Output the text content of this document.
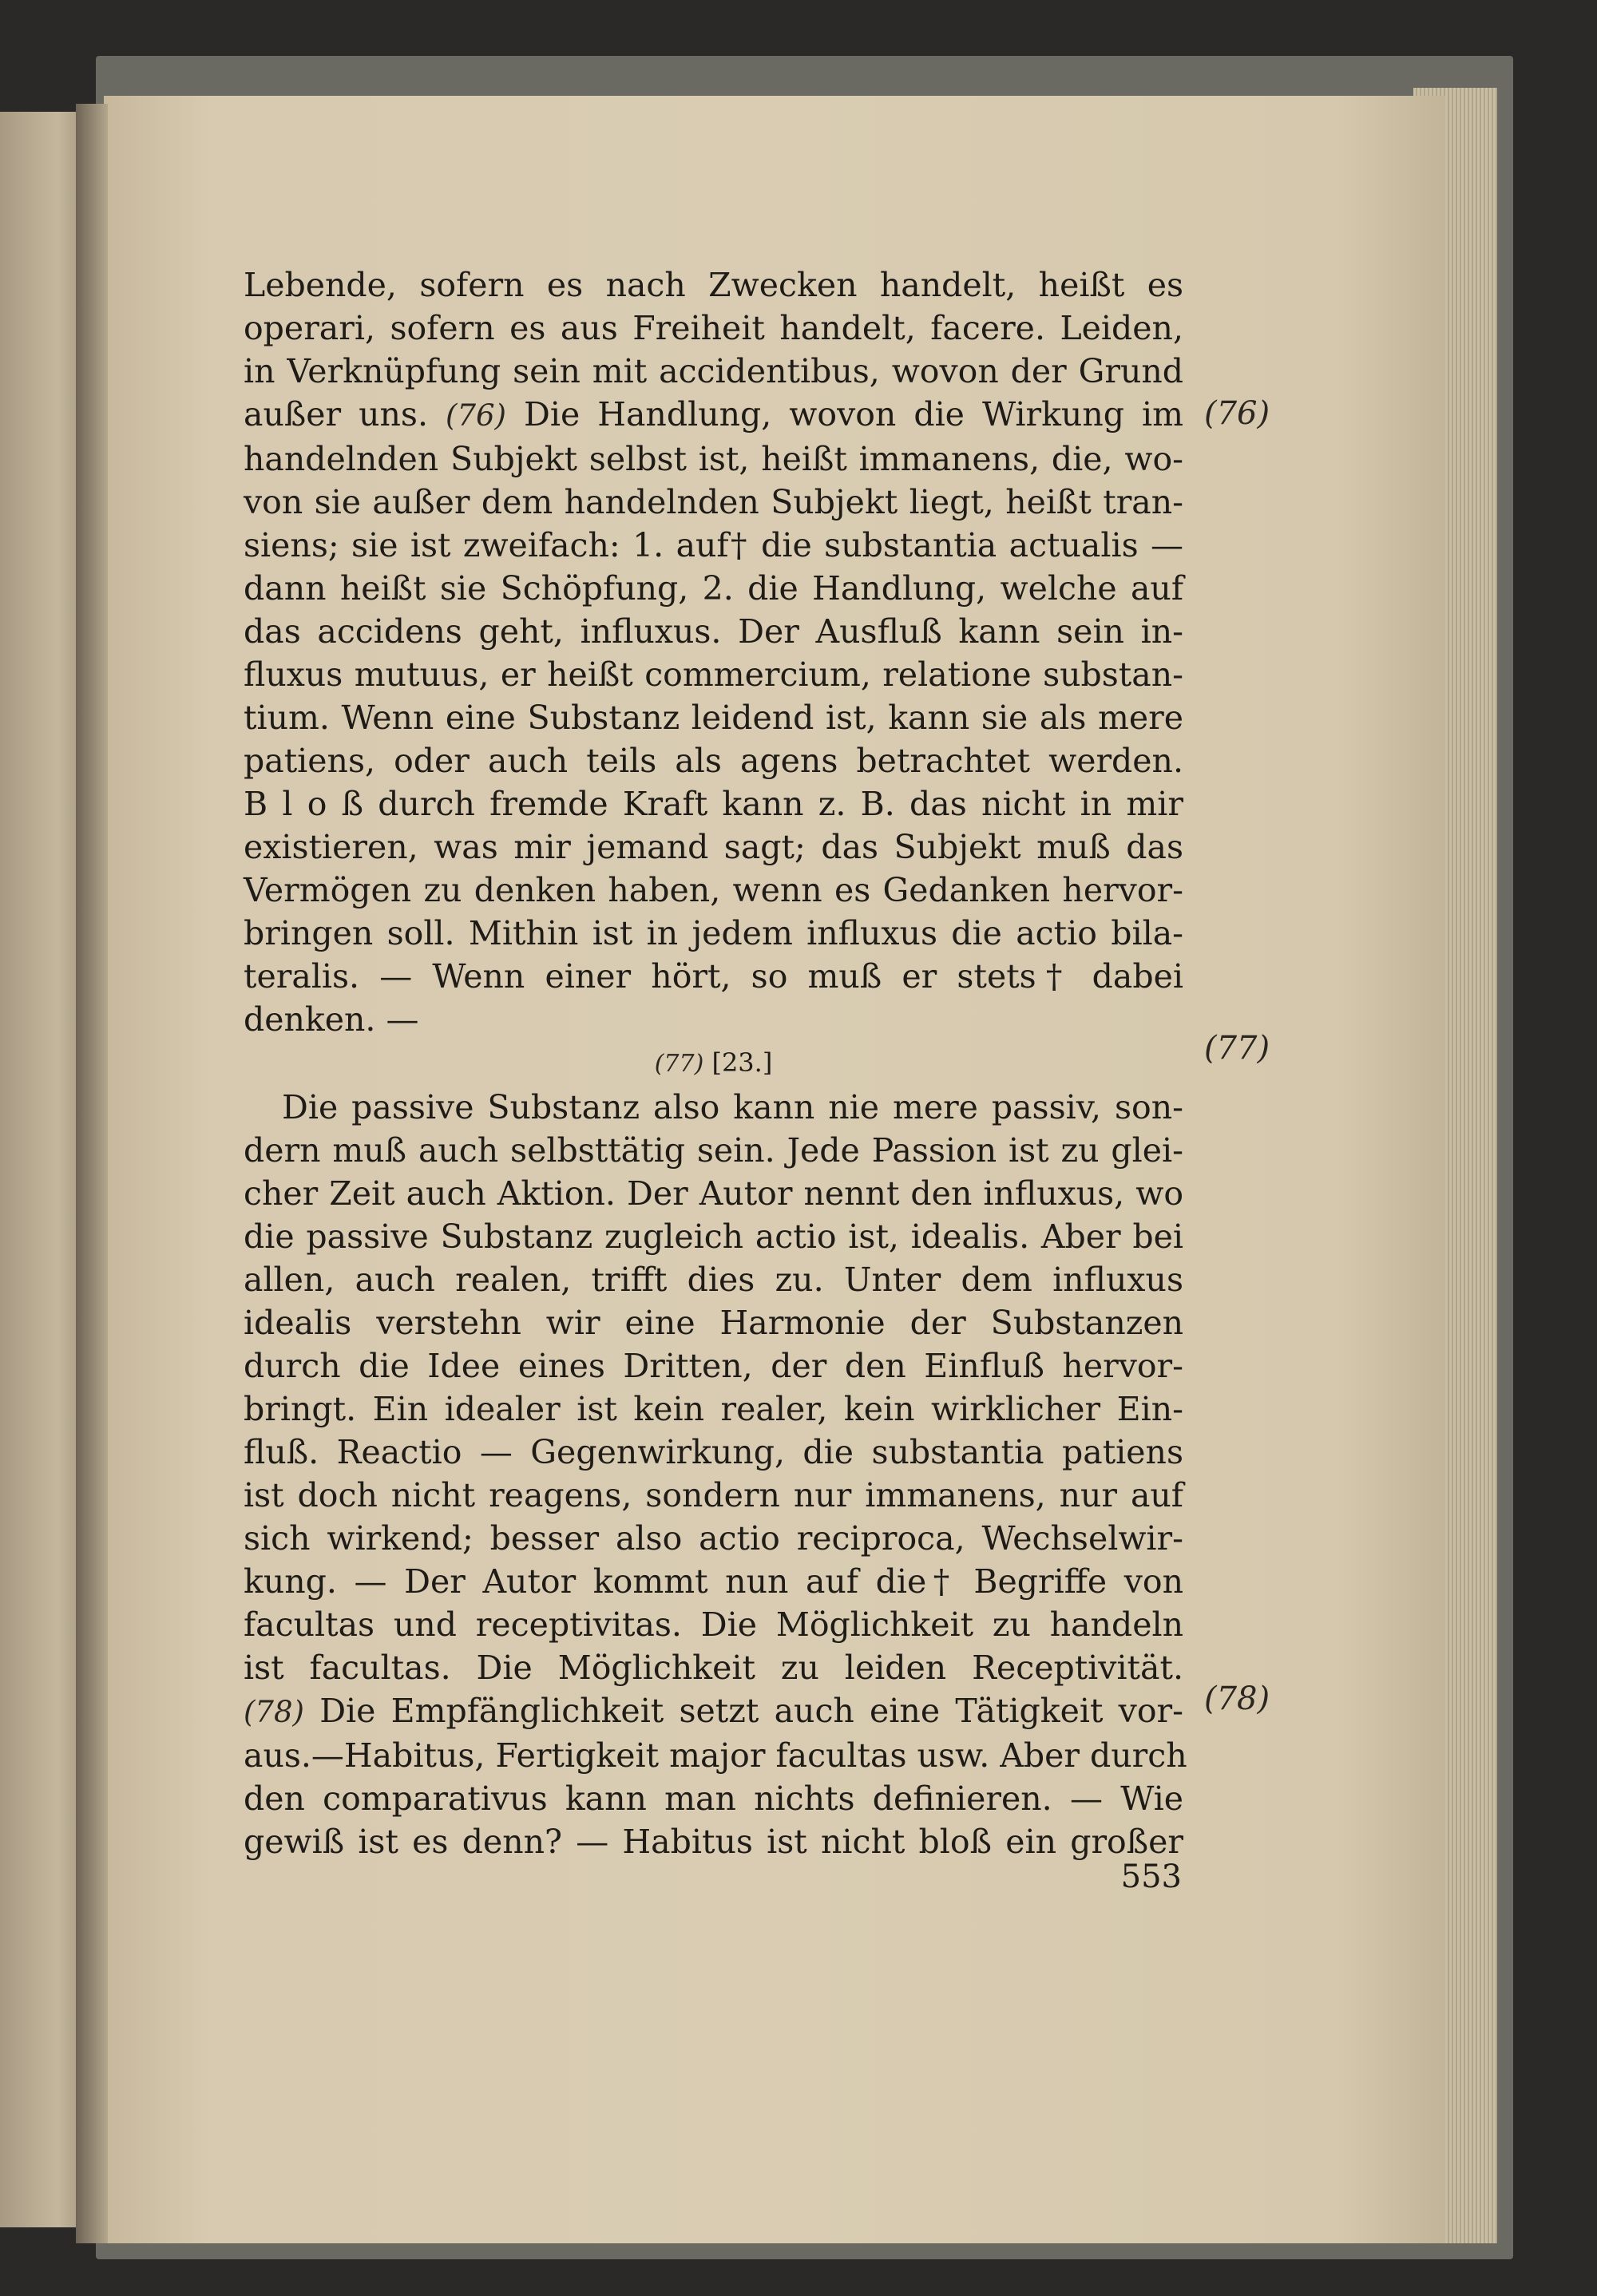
Lebende, sofern es nach Zwecken handelt, heißt es
operari, sofern es aus Freiheit handelt, facere. Leiden,
in Verknüpfung sein mit accidentibus, wovon der Grund
außer uns. (76) Die Handlung, wovon die Wirkung im
handelnden Subjekt selbst ist, heißt immanens, die, wo-
von sie außer dem handelnden Subjekt liegt, heißt tran-
siens; sie ist zweifach: 1. auf† die substantia actualis —
dann heißt sie Schöpfung, 2. die Handlung, welche auf
das accidens geht, influxus. Der Ausfluß kann sein in-
fluxus mutuus, er heißt commercium, relatione substan-
tium. Wenn eine Substanz leidend ist, kann sie als mere
patiens, oder auch teils als agens betrachtet werden.
B l o ß durch fremde Kraft kann z. B. das nicht in mir
existieren, was mir jemand sagt; das Subjekt muß das
Vermögen zu denken haben, wenn es Gedanken hervor-
bringen soll. Mithin ist in jedem influxus die actio bila-
teralis. — Wenn einer hört, so muß er stets† dabei
denken. —
(77) [23.]
Die passive Substanz also kann nie mere passiv, son-
dern muß auch selbsttätig sein. Jede Passion ist zu glei-
cher Zeit auch Aktion. Der Autor nennt den influxus, wo
die passive Substanz zugleich actio ist, idealis. Aber bei
allen, auch realen, trifft dies zu. Unter dem influxus
idealis verstehn wir eine Harmonie der Substanzen
durch die Idee eines Dritten, der den Einfluß hervor-
bringt. Ein idealer ist kein realer, kein wirklicher Ein-
fluß. Reactio — Gegenwirkung, die substantia patiens
ist doch nicht reagens, sondern nur immanens, nur auf
sich wirkend; besser also actio reciproca, Wechselwir-
kung. — Der Autor kommt nun auf die† Begriffe von
facultas und receptivitas. Die Möglichkeit zu handeln
ist facultas. Die Möglichkeit zu leiden Receptivität.
(78) Die Empfänglichkeit setzt auch eine Tätigkeit vor-
aus.—Habitus, Fertigkeit major facultas usw. Aber durch
den comparativus kann man nichts definieren. — Wie
gewiß ist es denn? — Habitus ist nicht bloß ein großer
(76)
(77)
(78)
553
